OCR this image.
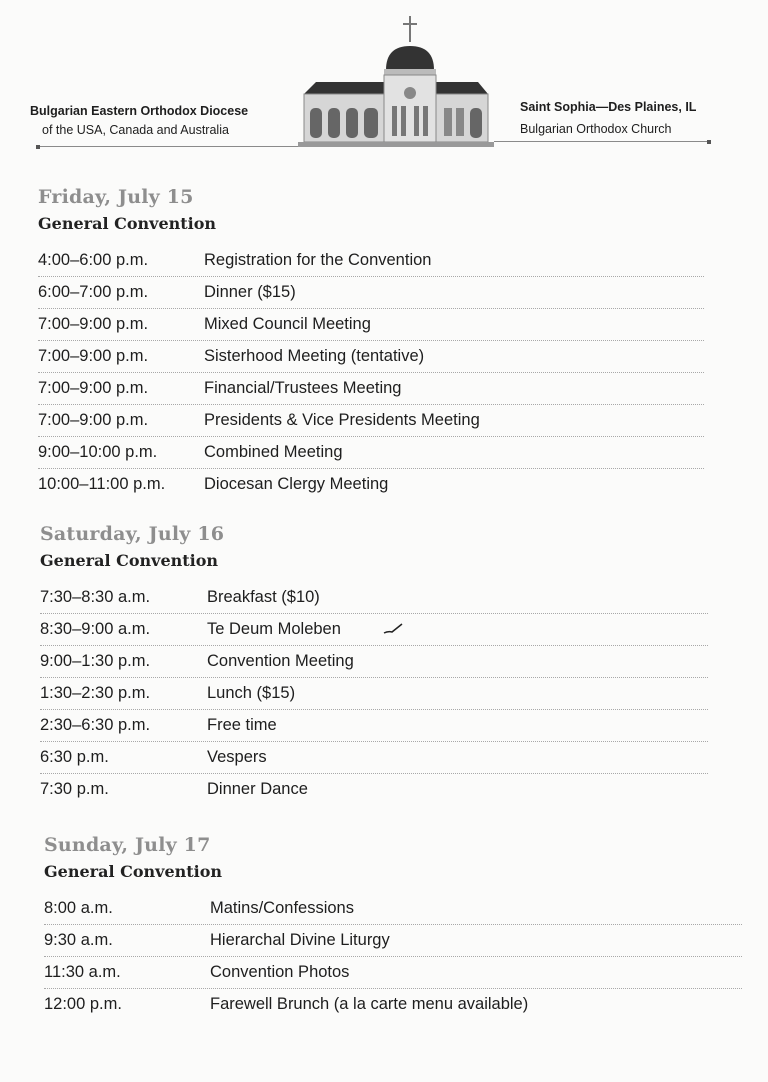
Bulgarian Eastern Orthodox Diocese
of the USA, Canada and Australia
Saint Sophia—Des Plaines, IL
Bulgarian Orthodox Church
Friday, July 15
General Convention
4:00–6:00 p.m.	Registration for the Convention
6:00–7:00 p.m.	Dinner ($15)
7:00–9:00 p.m.	Mixed Council Meeting
7:00–9:00 p.m.	Sisterhood Meeting (tentative)
7:00–9:00 p.m.	Financial/Trustees Meeting
7:00–9:00 p.m.	Presidents & Vice Presidents Meeting
9:00–10:00 p.m.	Combined Meeting
10:00–11:00 p.m. Diocesan Clergy Meeting
Saturday, July 16
General Convention
7:30–8:30 a.m.	Breakfast ($10)
8:30–9:00 a.m.	Te Deum Moleben
9:00–1:30 p.m.	Convention Meeting
1:30–2:30 p.m.	Lunch ($15)
2:30–6:30 p.m.	Free time
6:30 p.m.	Vespers
7:30 p.m.	Dinner Dance
Sunday, July 17
General Convention
8:00 a.m.	Matins/Confessions
9:30 a.m.	Hierarchal Divine Liturgy
11:30 a.m.	Convention Photos
12:00 p.m.	Farewell Brunch (a la carte menu available)
